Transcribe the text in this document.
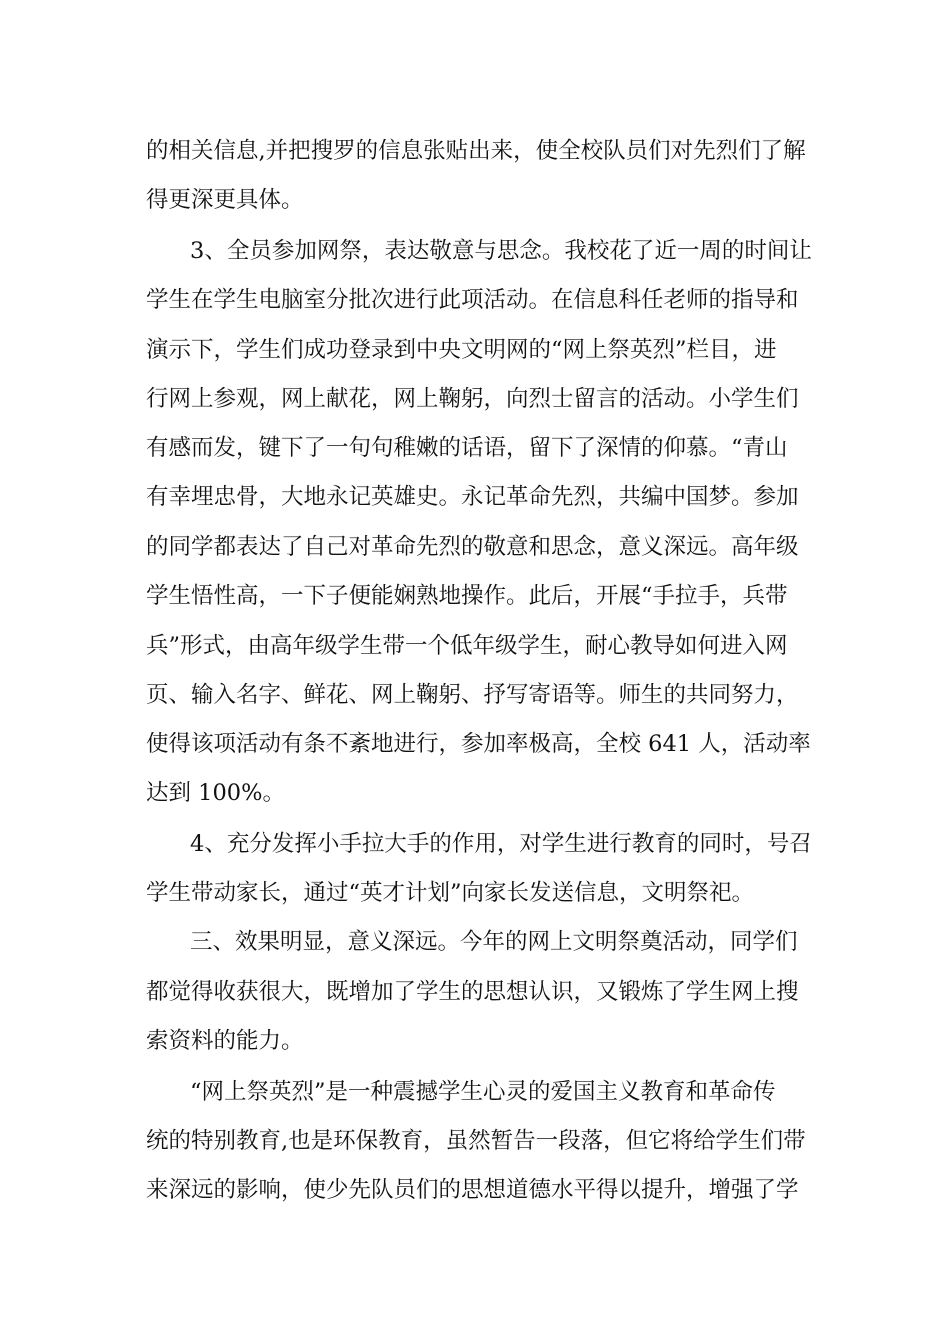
的相关信息,并把搜罗的信息张贴出来，使全校队员们对先烈们了解
得更深更具体。
3、全员参加网祭，表达敬意与思念。我校花了近一周的时间让
学生在学生电脑室分批次进行此项活动。在信息科任老师的指导和
演示下，学生们成功登录到中央文明网的“网上祭英烈”栏目，进
行网上参观，网上献花，网上鞠躬，向烈士留言的活动。小学生们
有感而发，键下了一句句稚嫩的话语，留下了深情的仰慕。“青山
有幸埋忠骨，大地永记英雄史。永记革命先烈，共编中国梦。参加
的同学都表达了自己对革命先烈的敬意和思念，意义深远。高年级
学生悟性高，一下子便能娴熟地操作。此后，开展“手拉手，兵带
兵”形式，由高年级学生带一个低年级学生，耐心教导如何进入网
页、输入名字、鲜花、网上鞠躬、抒写寄语等。师生的共同努力，
使得该项活动有条不紊地进行，参加率极高，全校 641 人，活动率
达到 100%。
4、充分发挥小手拉大手的作用，对学生进行教育的同时，号召
学生带动家长，通过“英才计划”向家长发送信息，文明祭祀。
三、效果明显，意义深远。今年的网上文明祭奠活动，同学们
都觉得收获很大，既增加了学生的思想认识，又锻炼了学生网上搜
索资料的能力。
“网上祭英烈”是一种震撼学生心灵的爱国主义教育和革命传
统的特别教育,也是环保教育，虽然暂告一段落，但它将给学生们带
来深远的影响，使少先队员们的思想道德水平得以提升，增强了学
